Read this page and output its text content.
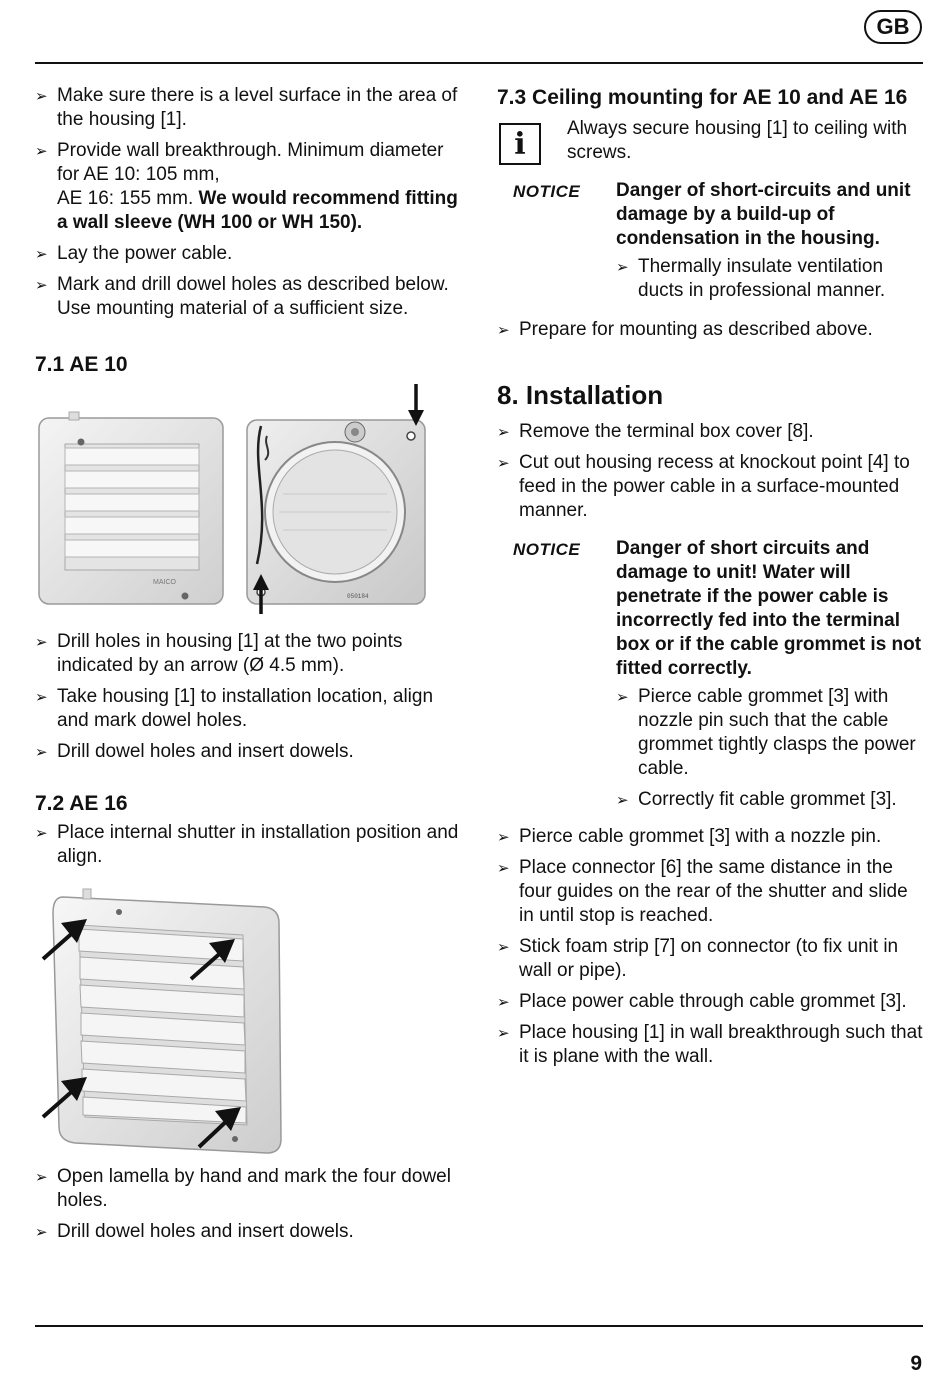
GB
➢ Make sure there is a level surface in the area of the housing [1].
➢ Provide wall breakthrough. Minimum diameter for AE 10: 105 mm,
AE 16: 155 mm. We would recommend fitting a wall sleeve (WH 100 or WH 150).
➢ Lay the power cable.
➢ Mark and drill dowel holes as described below. Use mounting material of a sufficient size.
7.1 AE 10
MAICO
050184
➢ Drill holes in housing [1] at the two points indicated by an arrow (Ø 4.5 mm).
➢ Take housing [1] to installation location, align and mark dowel holes.
➢ Drill dowel holes and insert dowels.
7.2 AE 16
➢ Place internal shutter in installation position and align.
➢ Open lamella by hand and mark the four dowel holes.
➢ Drill dowel holes and insert dowels.
7.3 Ceiling mounting for AE 10 and AE 16
i	Always secure housing [1] to ceiling with screws.
NOTICE	Danger of short-circuits and unit damage by a build-up of condensation in the housing.
➢ Thermally insulate ventilation ducts in professional manner.
➢ Prepare for mounting as described above.
8. Installation
➢ Remove the terminal box cover [8].
➢ Cut out housing recess at knockout point [4] to feed in the power cable in a surface-mounted manner.
NOTICE	Danger of short circuits and damage to unit! Water will penetrate if the power cable is incorrectly fed into the terminal box or if the cable grommet is not fitted correctly.
➢ Pierce cable grommet [3] with nozzle pin such that the cable grommet tightly clasps the power cable.
➢ Correctly fit cable grommet [3].
➢ Pierce cable grommet [3] with a nozzle pin.
➢ Place connector [6] the same distance in the four guides on the rear of the shutter and slide in until stop is reached.
➢ Stick foam strip [7] on connector (to fix unit in wall or pipe).
➢ Place power cable through cable grommet [3].
➢ Place housing [1] in wall breakthrough such that it is plane with the wall.
9
